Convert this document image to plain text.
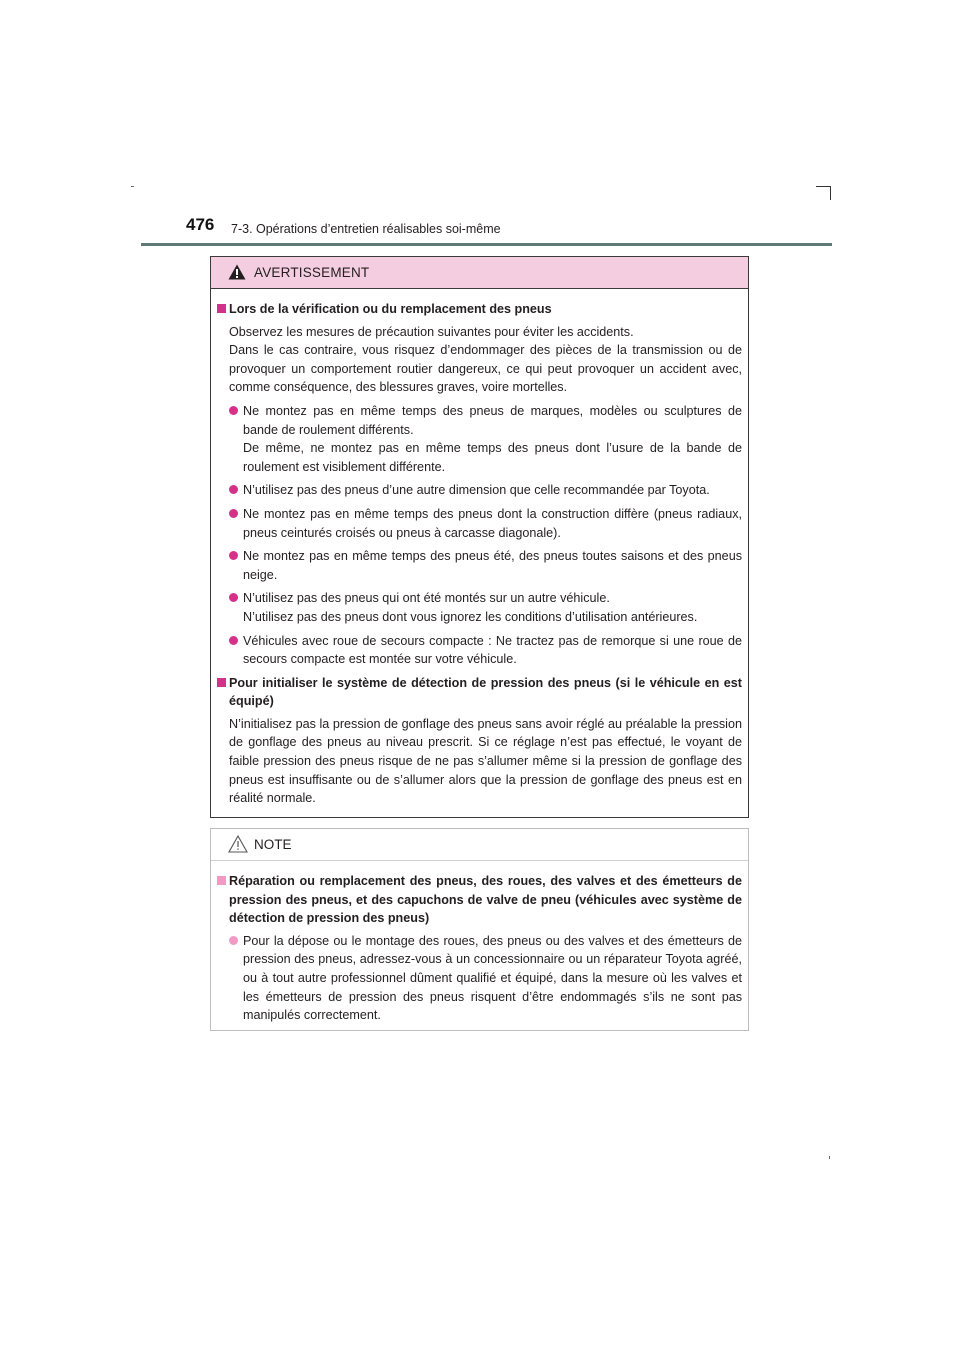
476 7-3. Opérations d’entretien réalisables soi-même
AVERTISSEMENT
Lors de la vérification ou du remplacement des pneus
Observez les mesures de précaution suivantes pour éviter les accidents.
Dans le cas contraire, vous risquez d’endommager des pièces de la transmission ou de provoquer un comportement routier dangereux, ce qui peut provoquer un accident avec, comme conséquence, des blessures graves, voire mortelles.
Ne montez pas en même temps des pneus de marques, modèles ou sculptures de bande de roulement différents.
De même, ne montez pas en même temps des pneus dont l’usure de la bande de roulement est visiblement différente.
N’utilisez pas des pneus d’une autre dimension que celle recommandée par Toyota.
Ne montez pas en même temps des pneus dont la construction diffère (pneus radiaux, pneus ceinturés croisés ou pneus à carcasse diagonale).
Ne montez pas en même temps des pneus été, des pneus toutes saisons et des pneus neige.
N’utilisez pas des pneus qui ont été montés sur un autre véhicule.
N’utilisez pas des pneus dont vous ignorez les conditions d’utilisation antérieures.
Véhicules avec roue de secours compacte : Ne tractez pas de remorque si une roue de secours compacte est montée sur votre véhicule.
Pour initialiser le système de détection de pression des pneus (si le véhicule en est équipé)
N’initialisez pas la pression de gonflage des pneus sans avoir réglé au préalable la pression de gonflage des pneus au niveau prescrit. Si ce réglage n’est pas effectué, le voyant de faible pression des pneus risque de ne pas s’allumer même si la pression de gonflage des pneus est insuffisante ou de s’allumer alors que la pression de gonflage des pneus est en réalité normale.
NOTE
Réparation ou remplacement des pneus, des roues, des valves et des émetteurs de pression des pneus, et des capuchons de valve de pneu (véhicules avec système de détection de pression des pneus)
Pour la dépose ou le montage des roues, des pneus ou des valves et des émetteurs de pression des pneus, adressez-vous à un concessionnaire ou un réparateur Toyota agréé, ou à tout autre professionnel dûment qualifié et équipé, dans la mesure où les valves et les émetteurs de pression des pneus risquent d’être endommagés s’ils ne sont pas manipulés correctement.
